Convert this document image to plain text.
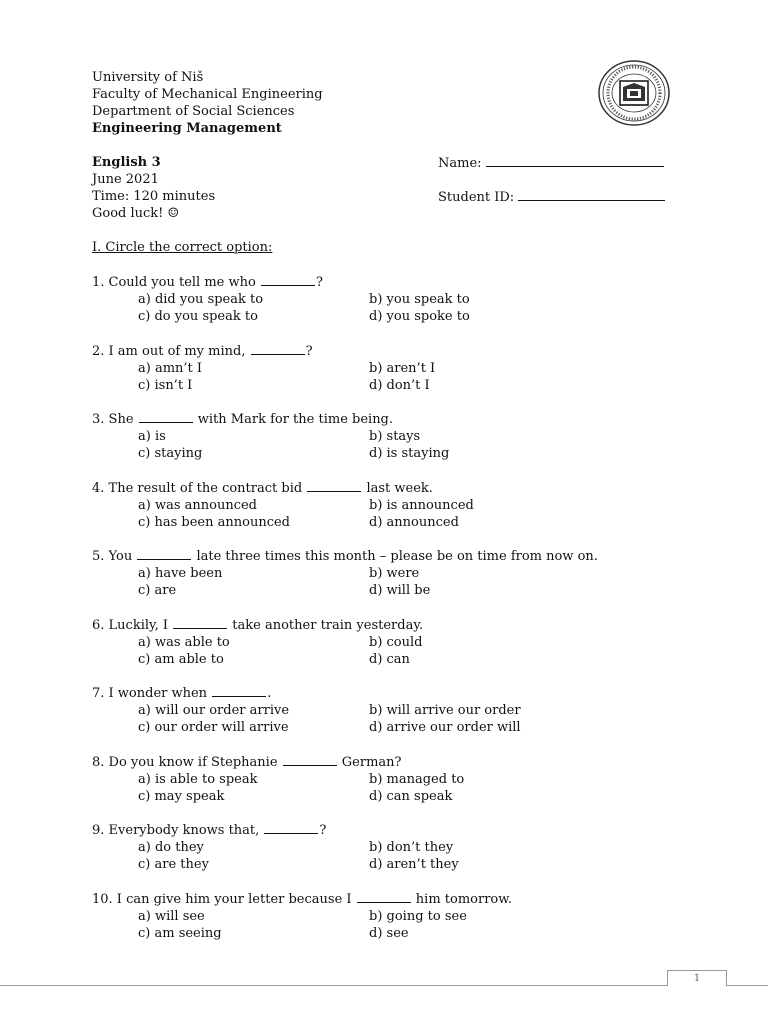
University of Niš
Faculty of Mechanical Engineering
Department of Social Sciences
Engineering Management
English 3
June 2021
Time: 120 minutes
Good luck! ☺
Name:
Student ID:
I. Circle the correct option:
1. Could you tell me who	?
a) did you speak to	b) you speak to
c) do you speak to	d) you spoke to
2. I am out of my mind,	?
a) amn’t I	b) aren’t I
c) isn’t I	d) don’t I
3. She	with Mark for the time being.
a) is	b) stays
c) staying	d) is staying
4. The result of the contract bid	last week.
a) was announced	b) is announced
c) has been announced	d) announced
5. You	late three times this month – please be on time from now on.
a) have been	b) were
c) are	d) will be
6. Luckily, I	take another train yesterday.
a) was able to	b) could
c) am able to	d) can
7. I wonder when	.
a) will our order arrive	b) will arrive our order
c) our order will arrive	d) arrive our order will
8. Do you know if Stephanie	German?
a) is able to speak	b) managed to
c) may speak	d) can speak
9. Everybody knows that,	?
a) do they	b) don’t they
c) are they	d) aren’t they
10. I can give him your letter because I	him tomorrow.
a) will see	b) going to see
c) am seeing	d) see
1
